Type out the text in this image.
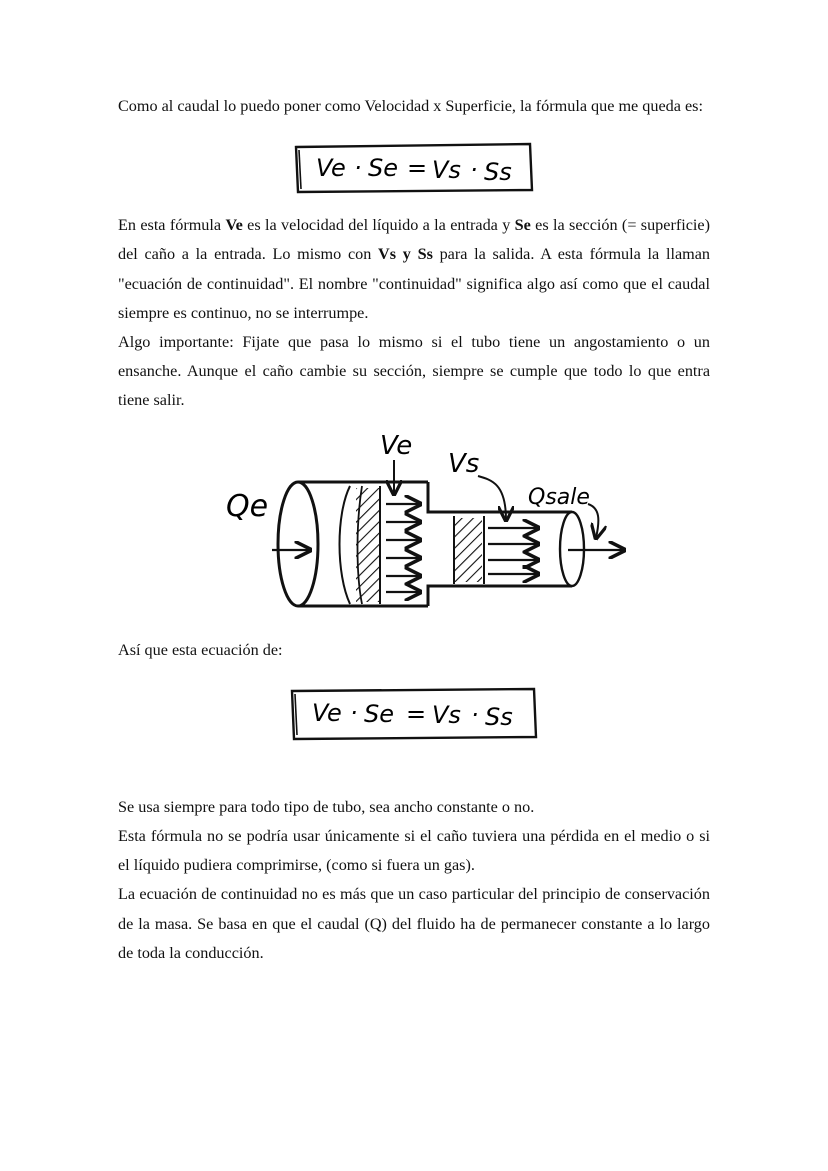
Como al caudal lo puedo poner como Velocidad x Superficie, la fórmula que me queda es:

Ve · Se = Vs · Ss

En esta fórmula Ve es la velocidad del líquido a la entrada y Se es la sección (= superficie) del caño a la entrada. Lo mismo con Vs y Ss para la salida. A esta fórmula la llaman "ecuación de continuidad". El nombre "continuidad" significa algo así como que el caudal siempre es continuo, no se interrumpe.

Algo importante: Fijate que pasa lo mismo si el tubo tiene un angostamiento o un ensanche. Aunque el caño cambie su sección, siempre se cumple que todo lo que entra tiene salir.

Qe
Ve
Vs
Qsale

Así que esta ecuación de:

Ve · Se = Vs · Ss

Se usa siempre para todo tipo de tubo, sea ancho constante o no.

Esta fórmula no se podría usar únicamente si el caño tuviera una pérdida en el medio o si el líquido pudiera comprimirse, (como si fuera un gas).

La ecuación de continuidad no es más que un caso particular del principio de conservación de la masa. Se basa en que el caudal (Q) del fluido ha de permanecer constante a lo largo de toda la conducción.
